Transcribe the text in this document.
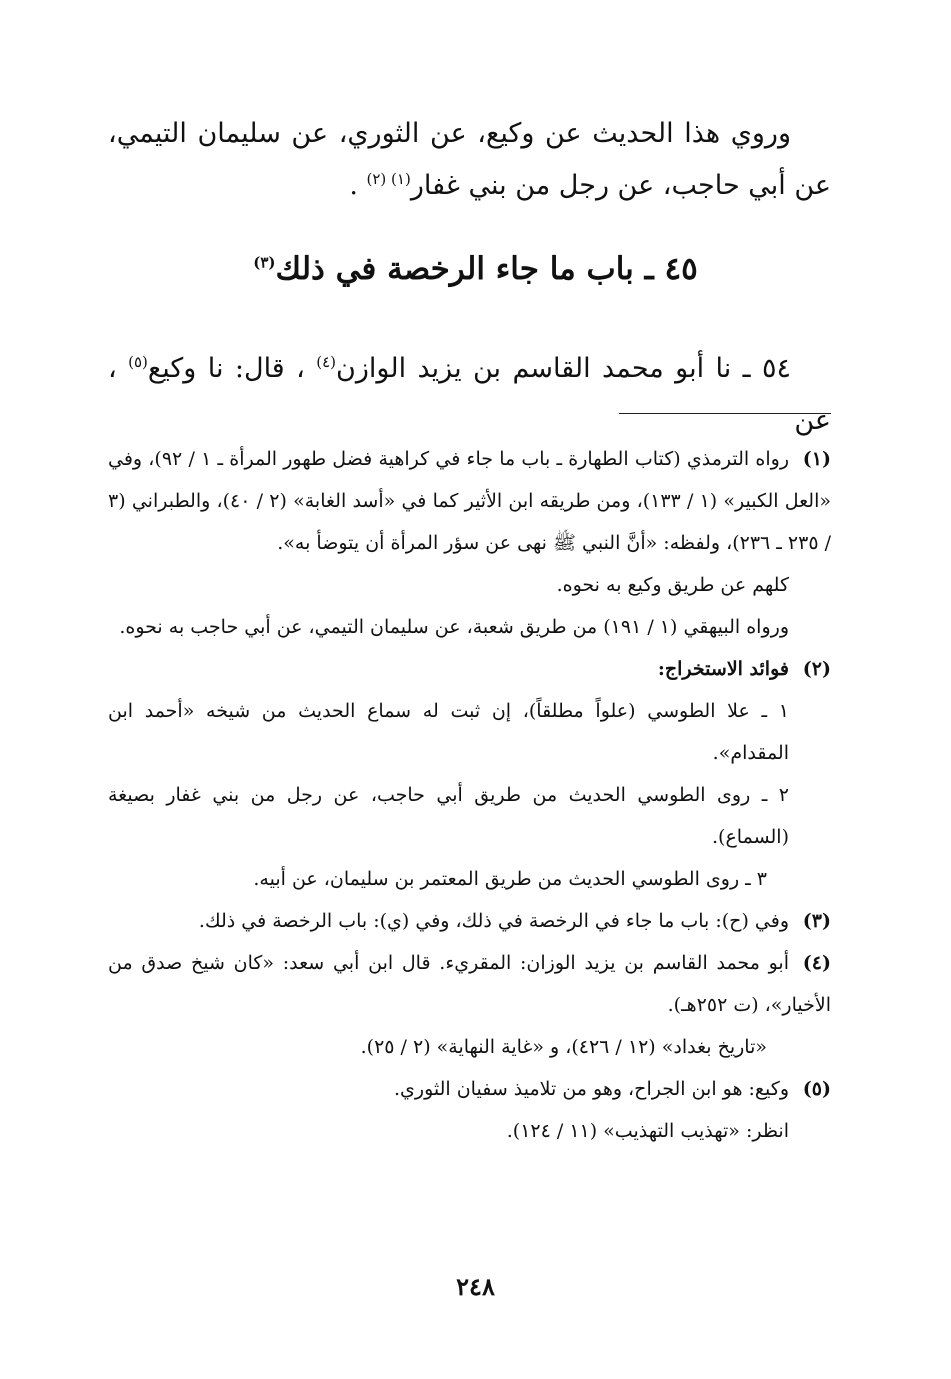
وروي هذا الحديث عن وكيع، عن الثوري، عن سليمان التيمي، عن أبي حاجب، عن رجل من بني غفار$^{(١) (٢)}$ .

٤٥ ـ باب ما جاء الرخصة في ذلك$^{(٣)}$
٥٤ ـ نا أبو محمد القاسم بن يزيد الوازن$^{(٤)}$ ، قال: نا وكيع$^{(٥)}$ ، عن

(١)رواه الترمذي (كتاب الطهارة ـ باب ما جاء في كراهية فضل طهور المرأة ـ ١ / ٩٢)، وفي «العل الكبير» (١ / ١٣٣)، ومن طريقه ابن الأثير كما في «أسد الغابة» (٢ / ٤٠)، والطبراني (٣ / ٢٣٥ ـ ٢٣٦)، ولفظه: «أنَّ النبي ﷺ نهى عن سؤر المرأة أن يتوضأ به».

كلهم عن طريق وكيع به نحوه.

ورواه البيهقي (١ / ١٩١) من طريق شعبة، عن سليمان التيمي، عن أبي حاجب به نحوه.

(٢)فوائد الاستخراج:

١ ـ علا الطوسي (علواً مطلقاً)، إن ثبت له سماع الحديث من شيخه «أحمد ابن المقدام».

٢ ـ روى الطوسي الحديث من طريق أبي حاجب، عن رجل من بني غفار بصيغة (السماع).

٣ ـ روى الطوسي الحديث من طريق المعتمر بن سليمان، عن أبيه.

(٣)وفي (ح): باب ما جاء في الرخصة في ذلك، وفي (ي): باب الرخصة في ذلك.

(٤)أبو محمد القاسم بن يزيد الوزان: المقريء. قال ابن أبي سعد: «كان شيخ صدق من الأخيار»، (ت ٢٥٢هـ).

«تاريخ بغداد» (١٢ / ٤٢٦)، و «غاية النهاية» (٢ / ٢٥).

(٥)وكيع: هو ابن الجراح، وهو من تلاميذ سفيان الثوري.

انظر: «تهذيب التهذيب» (١١ / ١٢٤).

٢٤٨
